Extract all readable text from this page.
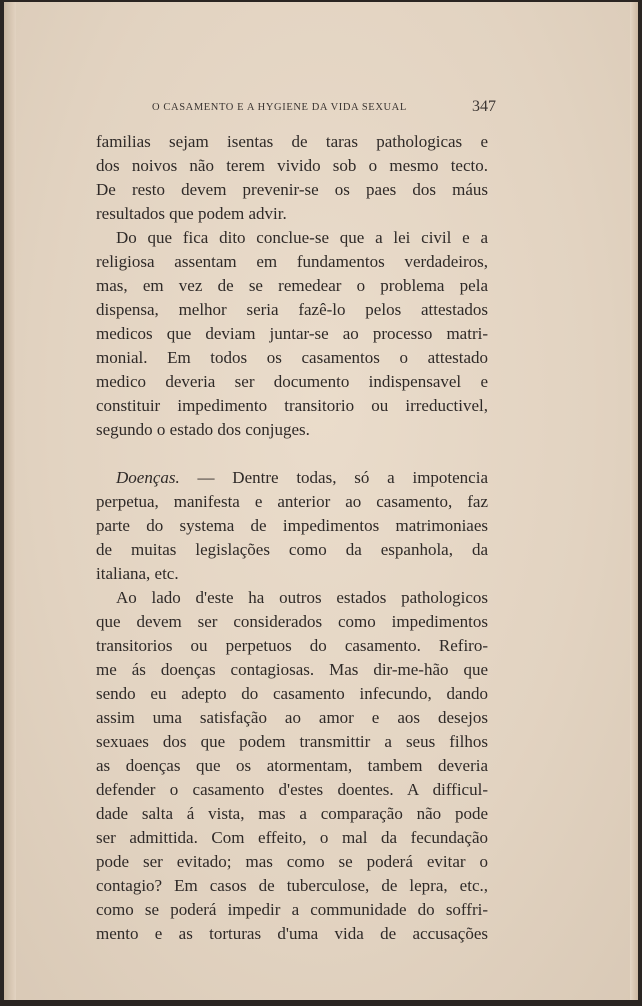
O CASAMENTO E A HYGIENE DA VIDA SEXUAL	347
familias sejam isentas de taras pathologicas e
dos noivos não terem vivido sob o mesmo tecto.
De resto devem prevenir-se os paes dos máus
resultados que podem advir.
Do que fica dito conclue-se que a lei civil e a
religiosa assentam em fundamentos verdadeiros,
mas, em vez de se remedear o problema pela
dispensa, melhor seria fazê-lo pelos attestados
medicos que deviam juntar-se ao processo matri-
monial. Em todos os casamentos o attestado
medico deveria ser documento indispensavel e
constituir impedimento transitorio ou irreductivel,
segundo o estado dos conjuges.
Doenças. — Dentre todas, só a impotencia
perpetua, manifesta e anterior ao casamento, faz
parte do systema de impedimentos matrimoniaes
de muitas legislações como da espanhola, da
italiana, etc.
Ao lado d'este ha outros estados pathologicos
que devem ser considerados como impedimentos
transitorios ou perpetuos do casamento. Refiro-
me ás doenças contagiosas. Mas dir-me-hão que
sendo eu adepto do casamento infecundo, dando
assim uma satisfação ao amor e aos desejos
sexuaes dos que podem transmittir a seus filhos
as doenças que os atormentam, tambem deveria
defender o casamento d'estes doentes. A difficul-
dade salta á vista, mas a comparação não pode
ser admittida. Com effeito, o mal da fecundação
pode ser evitado; mas como se poderá evitar o
contagio? Em casos de tuberculose, de lepra, etc.,
como se poderá impedir a communidade do soffri-
mento e as torturas d'uma vida de accusações
